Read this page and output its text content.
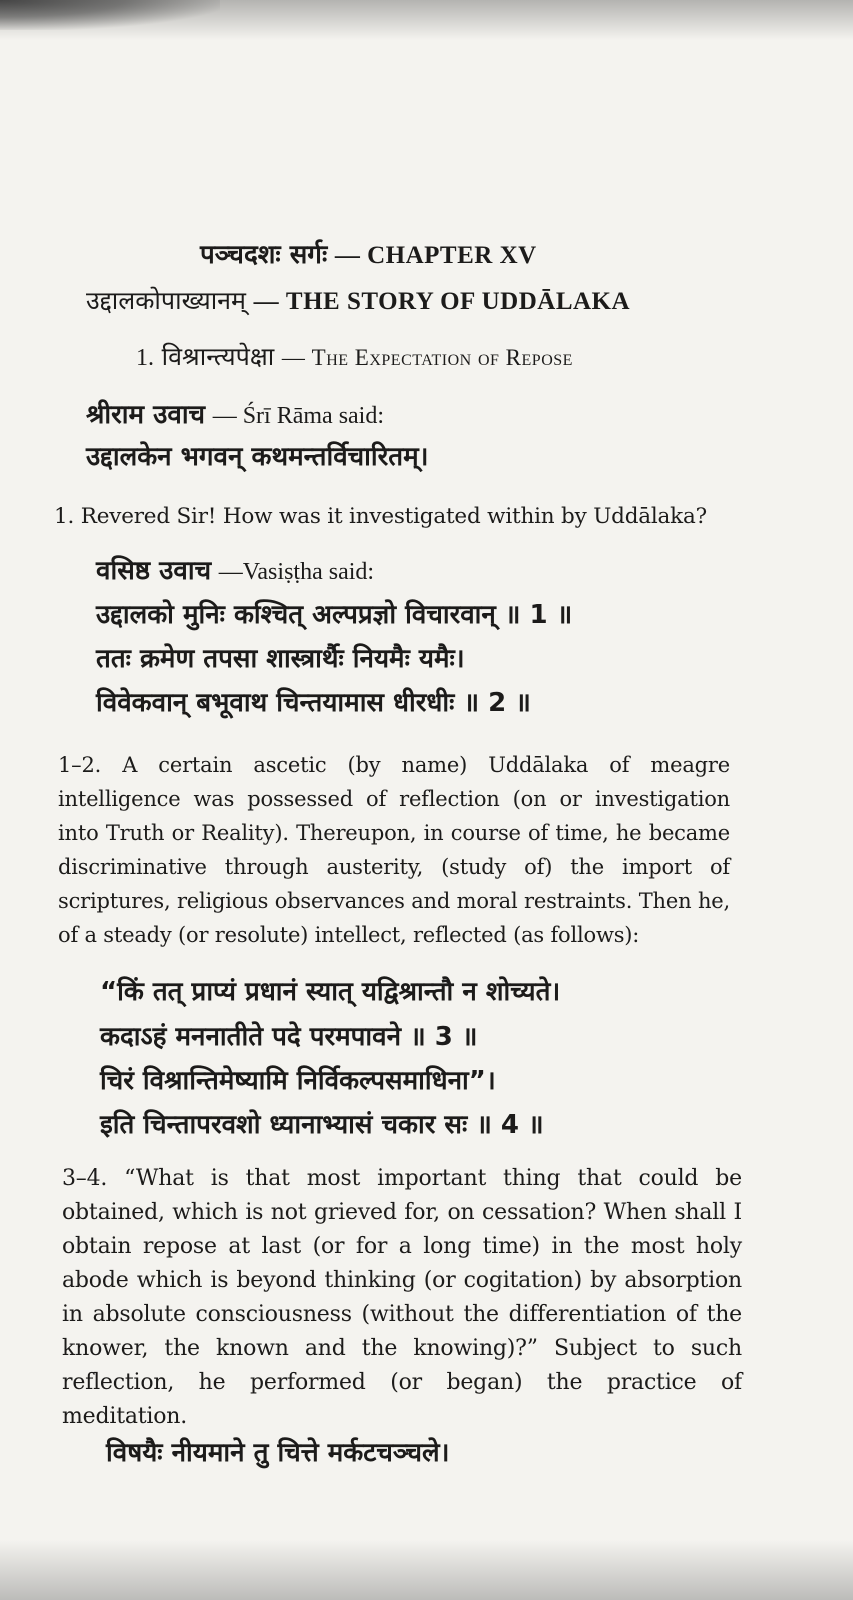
पञ्चदशः सर्गः — CHAPTER XV
उद्दालकोपाख्यानम् — THE STORY OF UDDĀLAKA
1. विश्रान्त्यपेक्षा — The Expectation of Repose
श्रीराम उवाच — Śrī Rāma said:
उद्दालकेन भगवन् कथमन्तर्विचारितम्।
1. Revered Sir! How was it investigated within by Uddālaka?
वसिष्ठ उवाच —Vasiṣṭha said:
उद्दालको मुनिः कश्चित् अल्पप्रज्ञो विचारवान् ॥ 1 ॥
ततः क्रमेण तपसा शास्त्रार्थैः नियमैः यमैः।
विवेकवान् बभूवाथ चिन्तयामास धीरधीः ॥ 2 ॥
1–2. A certain ascetic (by name) Uddālaka of meagre intelligence was possessed of reflection (on or investigation into Truth or Reality). Thereupon, in course of time, he became discriminative through austerity, (study of) the import of scriptures, religious observances and moral restraints. Then he, of a steady (or resolute) intellect, reflected (as follows):
“किं तत् प्राप्यं प्रधानं स्यात् यद्विश्रान्तौ न शोच्यते।
कदाऽहं मननातीते पदे परमपावने ॥ 3 ॥
चिरं विश्रान्तिमेष्यामि निर्विकल्पसमाधिना”।
इति चिन्तापरवशो ध्यानाभ्यासं चकार सः ॥ 4 ॥
3–4. “What is that most important thing that could be obtained, which is not grieved for, on cessation? When shall I obtain repose at last (or for a long time) in the most holy abode which is beyond thinking (or cogitation) by absorption in absolute consciousness (without the differentiation of the knower, the known and the knowing)?” Subject to such reflection, he performed (or began) the practice of meditation.
विषयैः नीयमाने तु चित्ते मर्कटचञ्चले।
